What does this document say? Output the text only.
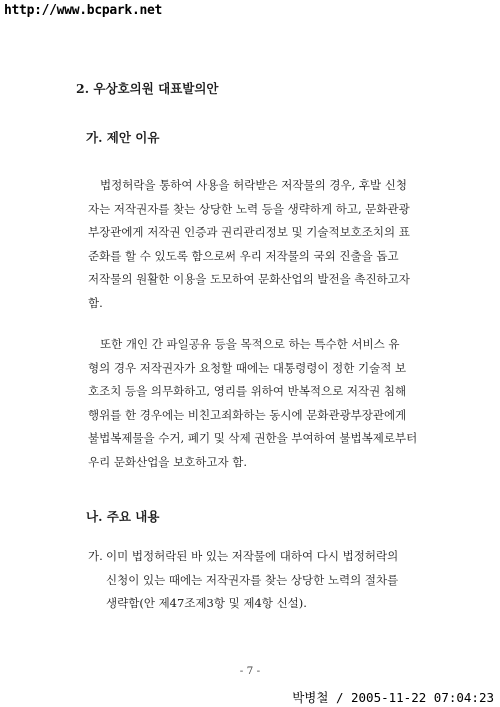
http://www.bcpark.net
2. 우상호의원 대표발의안
가. 제안 이유
법정허락을 통하여 사용을 허락받은 저작물의 경우, 후발 신청
자는 저작권자를 찾는 상당한 노력 등을 생략하게 하고, 문화관광
부장관에게 저작권 인증과 권리관리정보 및 기술적보호조치의 표
준화를 할 수 있도록 함으로써 우리 저작물의 국외 진출을 돕고
저작물의 원활한 이용을 도모하여 문화산업의 발전을 촉진하고자
함.
또한 개인 간 파일공유 등을 목적으로 하는 특수한 서비스 유
형의 경우 저작권자가 요청할 때에는 대통령령이 정한 기술적 보
호조치 등을 의무화하고, 영리를 위하여 반복적으로 저작권 침해
행위를 한 경우에는 비친고죄화하는 동시에 문화관광부장관에게
불법복제물을 수거, 폐기 및 삭제 권한을 부여하여 불법복제로부터
우리 문화산업을 보호하고자 함.
나. 주요 내용
가. 이미 법정허락된 바 있는 저작물에 대하여 다시 법정허락의
신청이 있는 때에는 저작권자를 찾는 상당한 노력의 절차를
생략함(안 제47조제3항 및 제4항 신설).
- 7 -
박병철 / 2005-11-22 07:04:23
